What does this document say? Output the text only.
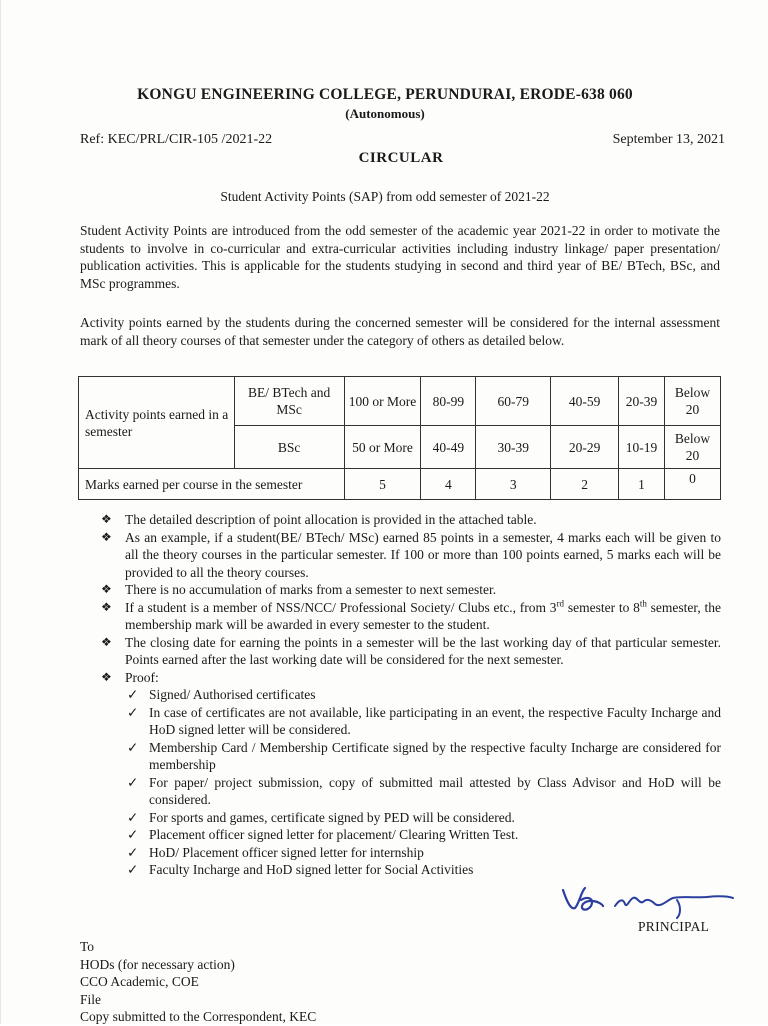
KONGU ENGINEERING COLLEGE, PERUNDURAI, ERODE-638 060
(Autonomous)
Ref: KEC/PRL/CIR-105 /2021-22	September 13, 2021
CIRCULAR
Student Activity Points (SAP) from odd semester of 2021-22
Student Activity Points are introduced from the odd semester of the academic year 2021-22 in order to motivate the students to involve in co-curricular and extra-curricular activities including industry linkage/ paper presentation/ publication activities. This is applicable for the students studying in second and third year of BE/ BTech, BSc, and MSc programmes.
Activity points earned by the students during the concerned semester will be considered for the internal assessment mark of all theory courses of that semester under the category of others as detailed below.
Activity points earned in a semester	BE/ BTech and MSc	100 or More	80-99	60-79	40-59	20-39	Below 20
	BSc	50 or More	40-49	30-39	20-29	10-19	Below 20
Marks earned per course in the semester		5	4	3	2	1	0
❖ The detailed description of point allocation is provided in the attached table.
❖ As an example, if a student(BE/ BTech/ MSc) earned 85 points in a semester, 4 marks each will be given to all the theory courses in the particular semester. If 100 or more than 100 points earned, 5 marks each will be provided to all the theory courses.
❖ There is no accumulation of marks from a semester to next semester.
❖ If a student is a member of NSS/NCC/ Professional Society/ Clubs etc., from 3rd semester to 8th semester, the membership mark will be awarded in every semester to the student.
❖ The closing date for earning the points in a semester will be the last working day of that particular semester. Points earned after the last working date will be considered for the next semester.
❖ Proof:
✓ Signed/ Authorised certificates
✓ In case of certificates are not available, like participating in an event, the respective Faculty Incharge and HoD signed letter will be considered.
✓ Membership Card / Membership Certificate signed by the respective faculty Incharge are considered for membership
✓ For paper/ project submission, copy of submitted mail attested by Class Advisor and HoD will be considered.
✓ For sports and games, certificate signed by PED will be considered.
✓ Placement officer signed letter for placement/ Clearing Written Test.
✓ HoD/ Placement officer signed letter for internship
✓ Faculty Incharge and HoD signed letter for Social Activities
PRINCIPAL
To
HODs (for necessary action)
CCO Academic, COE
File
Copy submitted to the Correspondent, KEC
